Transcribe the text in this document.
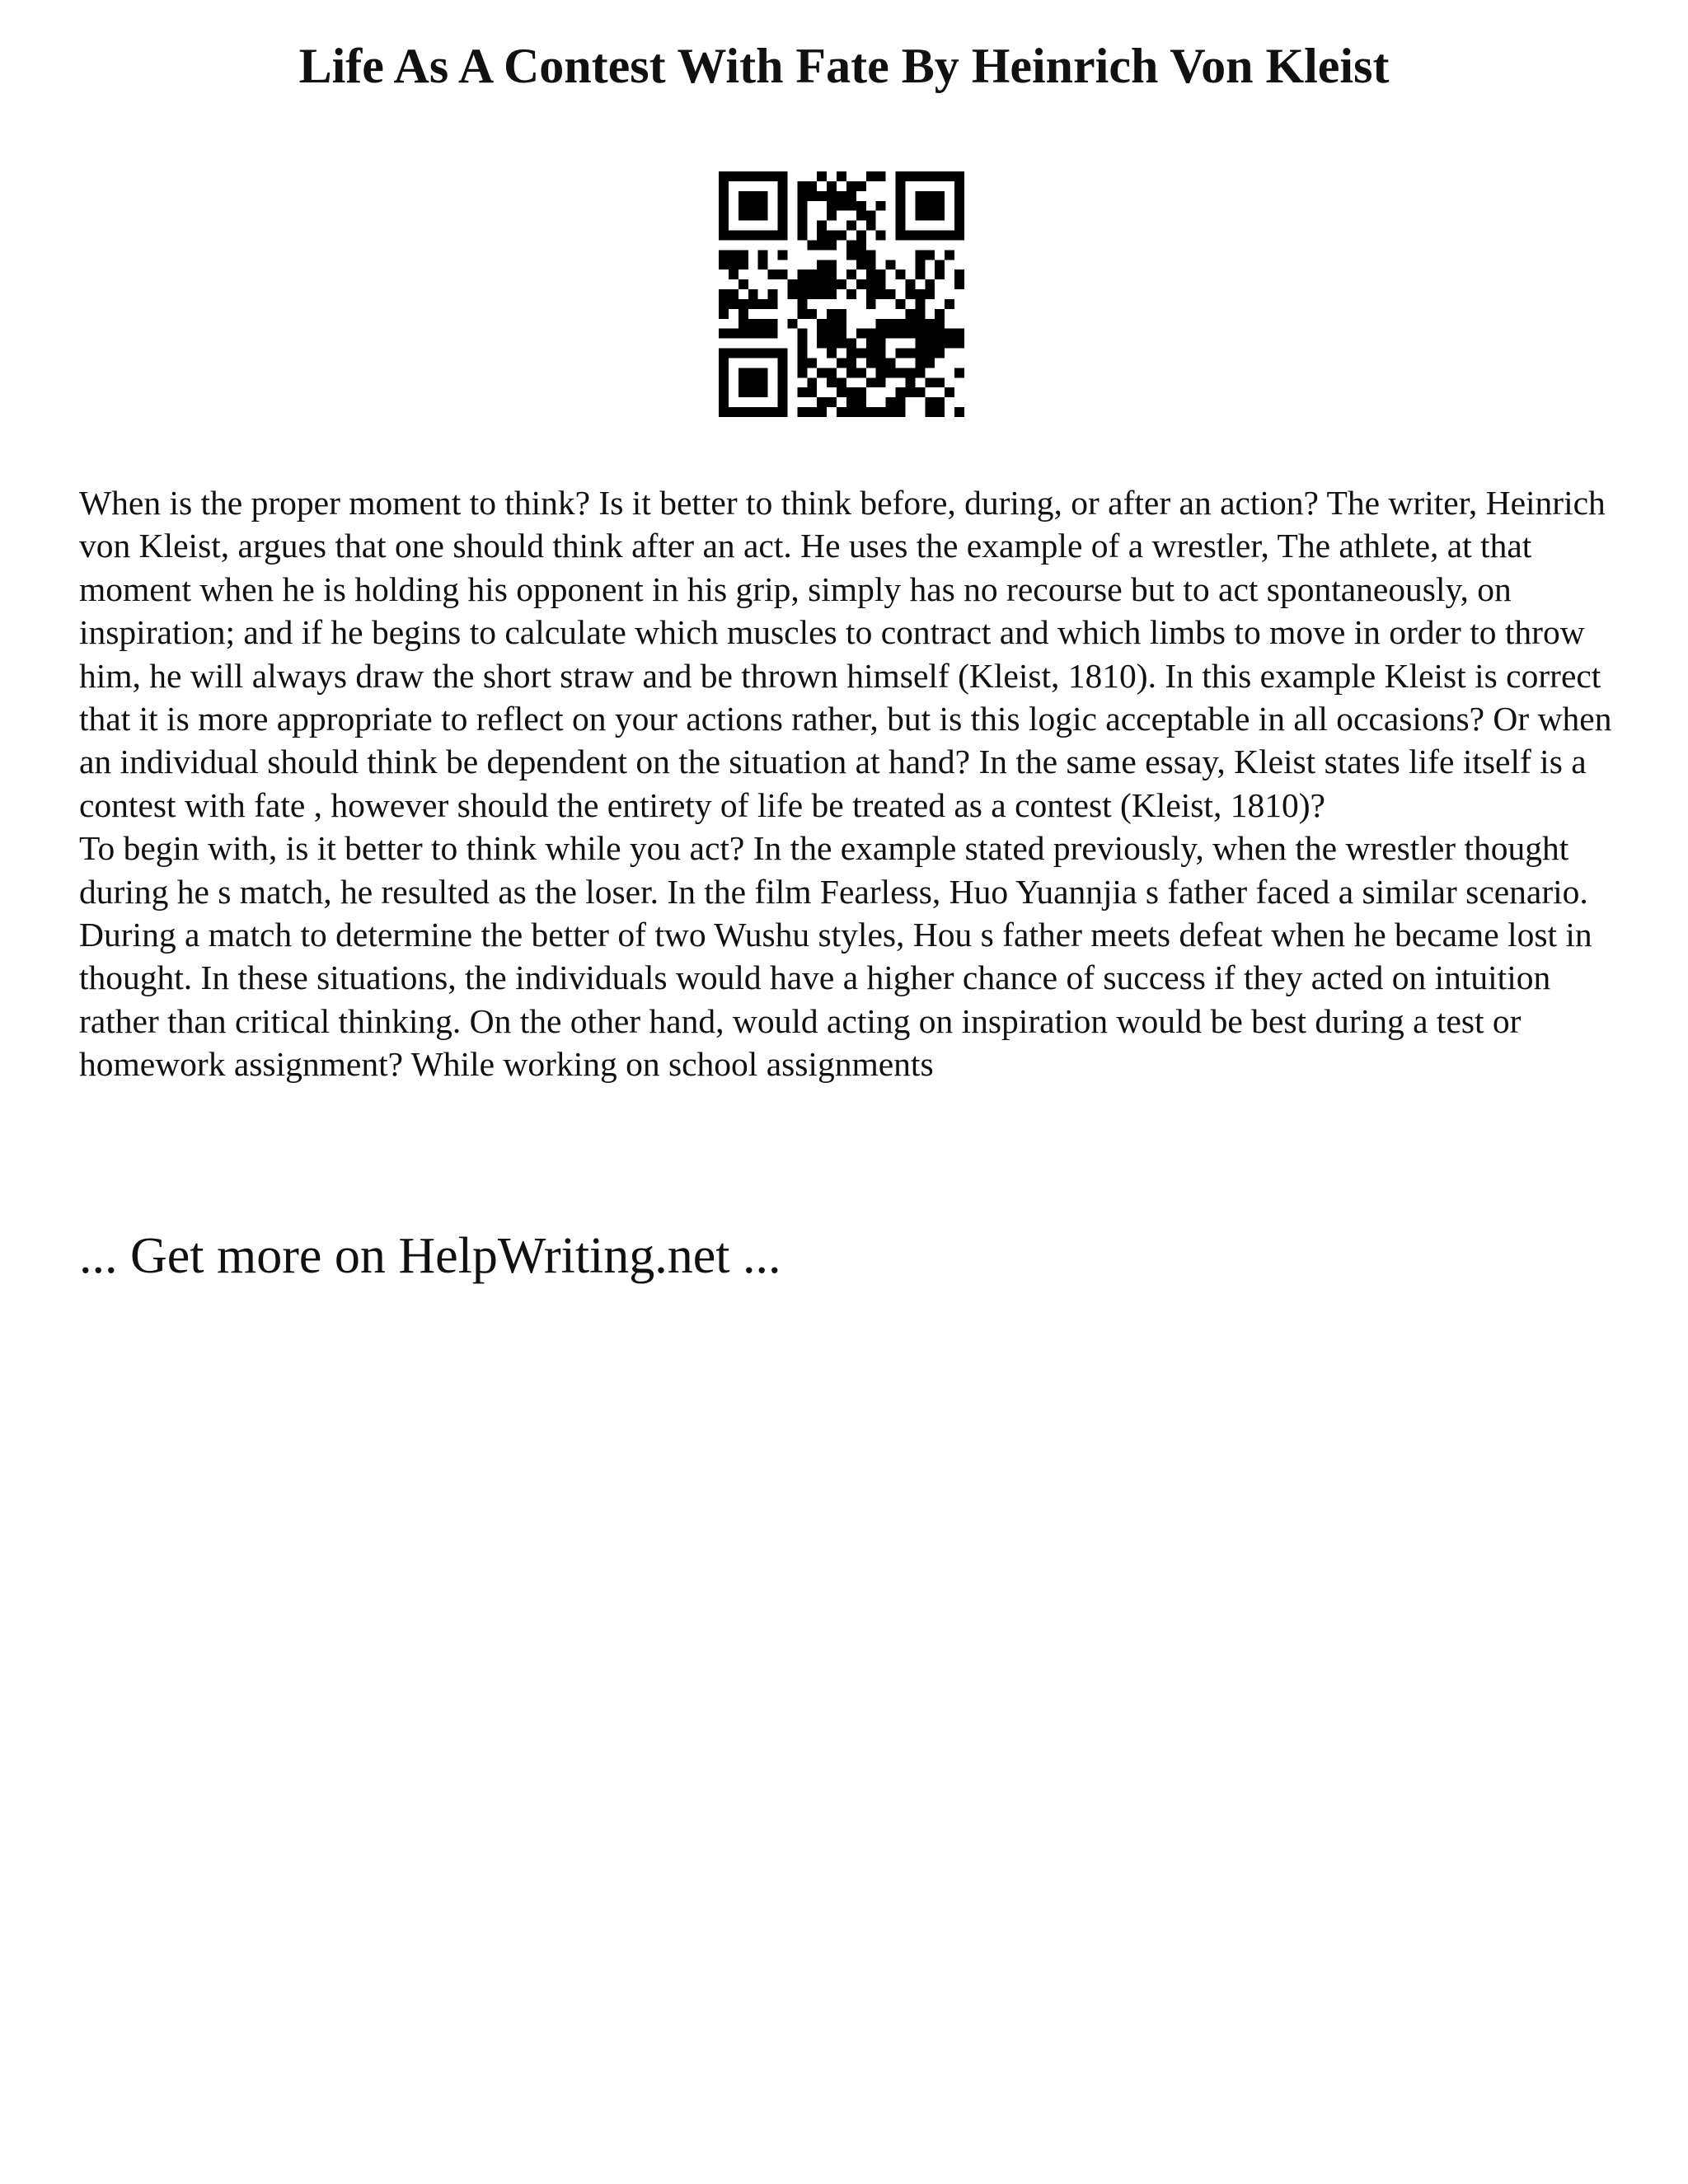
Life As A Contest With Fate By Heinrich Von Kleist

When is the proper moment to think? Is it better to think before, during, or after an action? The writer, Heinrich von Kleist, argues that one should think after an act. He uses the example of a wrestler, The athlete, at that moment when he is holding his opponent in his grip, simply has no recourse but to act spontaneously, on inspiration; and if he begins to calculate which muscles to contract and which limbs to move in order to throw him, he will always draw the short straw and be thrown himself (Kleist, 1810). In this example Kleist is correct that it is more appropriate to reflect on your actions rather, but is this logic acceptable in all occasions? Or when an individual should think be dependent on the situation at hand? In the same essay, Kleist states life itself is a contest with fate , however should the entirety of life be treated as a contest (Kleist, 1810)?

To begin with, is it better to think while you act? In the example stated previously, when the wrestler thought during he s match, he resulted as the loser. In the film Fearless, Huo Yuannjia s father faced a similar scenario. During a match to determine the better of two Wushu styles, Hou s father meets defeat when he became lost in thought. In these situations, the individuals would have a higher chance of success if they acted on intuition rather than critical thinking. On the other hand, would acting on inspiration would be best during a test or homework assignment? While working on school assignments

... Get more on HelpWriting.net ...
